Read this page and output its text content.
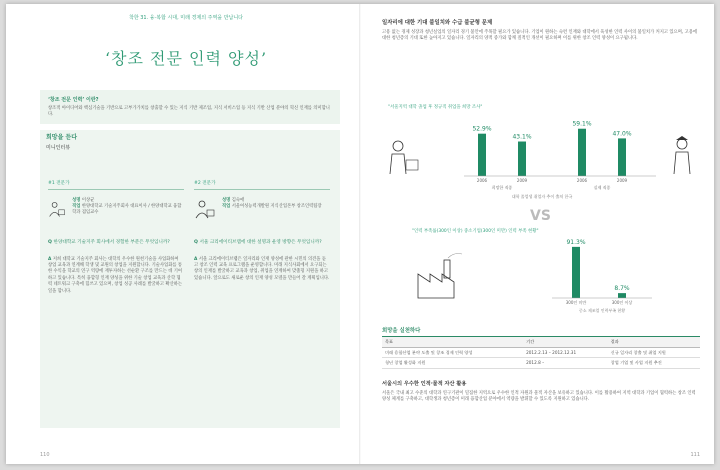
착한 31. 융·복합 시대, 미래 경제의 주역을 만납니다
‘창조 전문 인력 양성’
‘창조 전문 인력’ 이란?

창조적 아이디어와 핵심기술을 기반으로 고부가가치를 창출할 수 있는 지식 기반 제조업, 지식 서비스업 등 지식 기반 산업 분야의 혁신 인재를 의미합니다.

희망을 듣다
미니인터뷰
#1 전문가
성명 이상균
직업 한양대학교 기술지주회사 대표이사 / 한양대학교 융합학과 겸임교수
Q 한양대학교 기술지주 회사에서 경험한 부분은 무엇입니까?
A 저희 대학교 기술지주 회사는 대학의 우수한 원천기술을 사업화하여 창업 교육과 연계해 학생 및 교원의 창업을 지원합니다. 기술사업화를 통한 수익을 학교의 연구 역량에 재투자하는 선순환 구조를 만드는 데 기여하고 있습니다. 특히 융합형 인재 양성을 위한 기술 창업 교육과 산학 협력 네트워크 구축에 힘쓰고 있으며, 창업 성공 사례를 발굴하고 확산하는 일을 합니다.
#2 전문가
성명 김숙애
직업 서울여성능력개발원 지식산업본부 창조인력팀장
Q 서울 크리에이티브랩에 대한 설명과 운영 방향은 무엇입니까?
A 서울 크리에이티브랩은 일자리와 인재 양성에 관한 시민의 의견을 듣고 창조 인력 교육 프로그램을 운영합니다. 미래 지식사회에서 요구되는 창의 인재를 발굴하고 교육과 창업, 취업을 연계하여 맞춤형 지원을 하고 있습니다. 앞으로도 새로운 창의 인재 양성 모델을 만들어 갈 계획입니다.
110
일자리에 대한 기대 불일치와 수급 불균형 문제

고용 없는 경제 성장과 청년실업의 일자리 경기 불안에 주목할 필요가 있습니다. 기업이 원하는 숙련 인재와 대학에서 육성한 인력 사이의 불일치가 커지고 있으며, 고용에 대한 청년층의 기대 또한 높아지고 있습니다. 일자리의 양적 증가와 함께 질적인 개선이 필요하며 이를 위한 창조 인력 양성이 요구됩니다.

"서울지역 대학 졸업 후 정규직 취업을 희망 조사"
52.9%
2006
43.1%
2009
희망한 직종
59.1%
2006
47.0%
2009
실제 직종
대학 졸업생 취업자 추이 출처 한국
VS
"인력 부족률(300인 이상) 중소기업(300인 미만) 인력 부족 현황"
91.3%
300인 미만
8.7%
300인 이상
중소 제조업 인력부족 현황
희망을 실천하다
목표	기간	결과
미래 융합산업 분야 도출 및 창조 경제 인력 양성	2012.2.13 – 2012.12.31	신규 일자리 창출 및 취업 지원
청년 창업 활성화 지원	2012.8 –	창업 기업 및 사업 지원 추진
서울시의 우수한 인적·물적 자산 활용

서울은 국내 최고 수준의 대학과 연구기관이 밀집한 지역으로 우수한 인적 자원과 물적 자산을 보유하고 있습니다. 이를 활용하여 지역 대학과 기업이 협력하는 창조 인력 양성 체계를 구축하고, 대학생과 청년층이 미래 융합산업 분야에서 역량을 발휘할 수 있도록 지원하고 있습니다.

111
